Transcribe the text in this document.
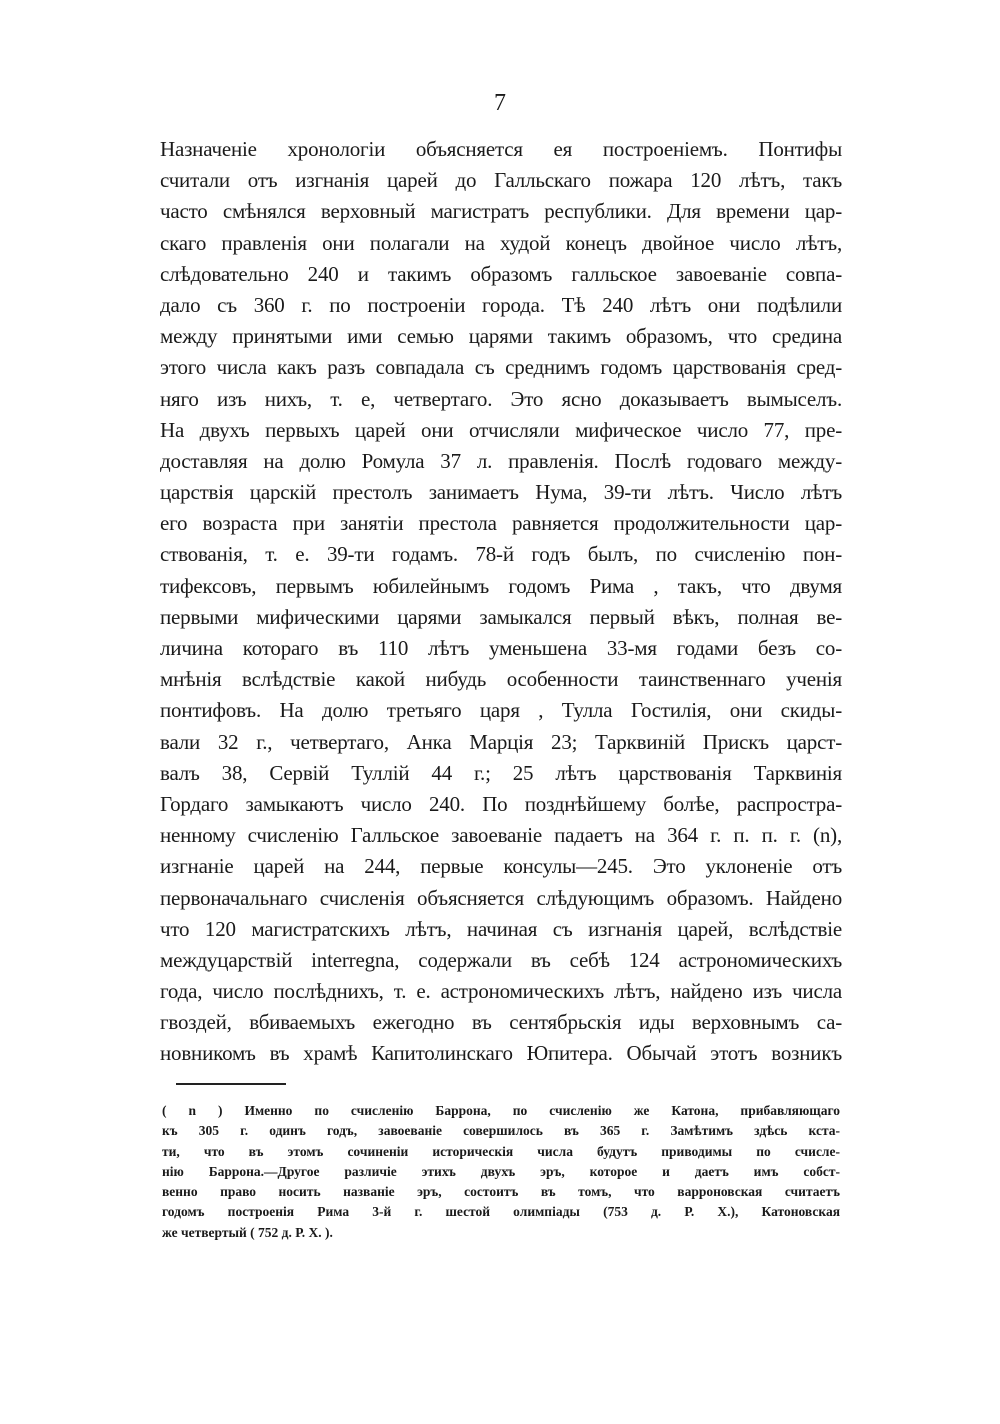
7
Назначеніе хронологіи объясняется ея построеніемъ. Понтифы
считали отъ изгнанія царей до Галльскаго пожара 120 лѣтъ, такъ
часто смѣнялся верховный магистратъ республики. Для времени цар-
скаго правленія они полагали на худой конецъ двойное число лѣтъ,
слѣдовательно 240 и такимъ образомъ галльское завоеваніе совпа-
дало съ 360 г. по построеніи города. Тѣ 240 лѣтъ они подѣлили
между принятыми ими семью царями такимъ образомъ, что средина
этого числа какъ разъ совпадала съ среднимъ годомъ царствованія сред-
няго изъ нихъ, т. е, четвертаго. Это ясно доказываетъ вымыселъ.
На двухъ первыхъ царей они отчисляли мифическое число 77, пре-
доставляя на долю Ромула 37 л. правленія. Послѣ годоваго между-
царствія царскій престолъ занимаетъ Нума, 39-ти лѣтъ. Число лѣтъ
его возраста при занятіи престола равняется продолжительности цар-
ствованія, т. е. 39-ти годамъ. 78-й годъ былъ, по счисленію пон-
тифексовъ, первымъ юбилейнымъ годомъ Рима , такъ, что двумя
первыми мифическими царями замыкался первый вѣкъ, полная ве-
личина котораго въ 110 лѣтъ уменьшена 33-мя годами безъ со-
мнѣнія вслѣдствіе какой нибудь особенности таинственнаго ученія
понтифовъ. На долю третьяго царя , Тулла Гостилія, они скиды-
вали 32 г., четвертаго, Анка Марція 23; Тарквиній Прискъ царст-
валъ 38, Сервій Туллій 44 г.; 25 лѣтъ царствованія Тарквинія
Гордаго замыкаютъ число 240. По позднѣйшему болѣе, распростра-
ненному счисленію Галльское завоеваніе падаетъ на 364 г. п. п. г. (n),
изгнаніе царей на 244, первые консулы—245. Это уклоненіе отъ
первоначальнаго счисленія объясняется слѣдующимъ образомъ. Найдено
что 120 магистратскихъ лѣтъ, начиная съ изгнанія царей, вслѣдствіе
междуцарствій interregna, содержали въ себѣ 124 астрономическихъ
года, число послѣднихъ, т. е. астрономическихъ лѣтъ, найдено изъ числа
гвоздей, вбиваемыхъ ежегодно въ сентябрьскія иды верховнымъ са-
новникомъ въ храмѣ Капитолинскаго Юпитера. Обычай этотъ возникъ
( n ) Именно по счисленію Баррона, по счисленію же Катона, прибавляющаго
къ 305 г. одинъ годъ, завоеваніе совершилось въ 365 г. Замѣтимъ здѣсь кста-
ти, что въ этомъ сочиненіи историческія числа будутъ приводимы по счисле-
нію Баррона.—Другое различіе этихъ двухъ эръ, которое и даетъ имъ собст-
венно право носить названіе эръ, состоитъ въ томъ, что варроновская считаетъ
годомъ построенія Рима 3-й г. шестой олимпіады (753 д. Р. Х.), Катоновская
же четвертый ( 752 д. Р. Х. ).
